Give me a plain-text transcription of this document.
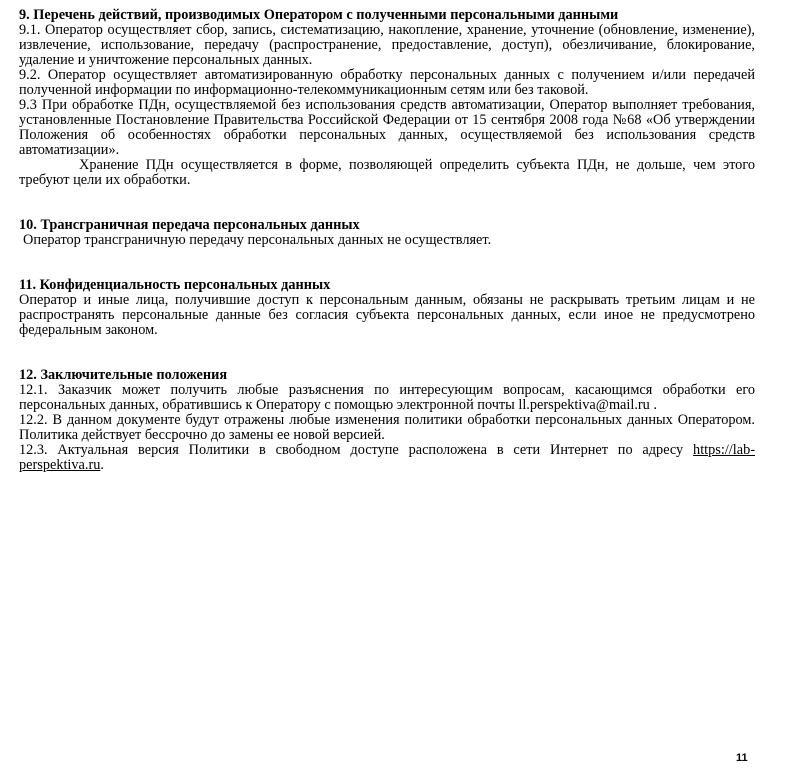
9. Перечень действий, производимых Оператором с полученными персональными данными

9.1. Оператор осуществляет сбор, запись, систематизацию, накопление, хранение, уточнение (обновление, изменение), извлечение, использование, передачу (распространение, предоставление, доступ), обезличивание, блокирование, удаление и уничтожение персональных данных.

9.2. Оператор осуществляет автоматизированную обработку персональных данных с получением и/или передачей полученной информации по информационно-телекоммуникационным сетям или без таковой.

9.3 При обработке ПДн, осуществляемой без использования средств автоматизации, Оператор выполняет требования, установленные Постановление Правительства Российской Федерации от 15 сентября 2008 года №68 «Об утверждении Положения об особенностях обработки персональных данных, осуществляемой без использования средств автоматизации».

Хранение ПДн осуществляется в форме, позволяющей определить субъекта ПДн, не дольше, чем этого требуют цели их обработки.

10. Трансграничная передача персональных данных

Оператор трансграничную передачу персональных данных не осуществляет.

11. Конфиденциальность персональных данных

Оператор и иные лица, получившие доступ к персональным данным, обязаны не раскрывать третьим лицам и не распространять персональные данные без согласия субъекта персональных данных, если иное не предусмотрено федеральным законом.

12. Заключительные положения

12.1. Заказчик может получить любые разъяснения по интересующим вопросам, касающимся обработки его персональных данных, обратившись к Оператору с помощью электронной почты ll.perspektiva@mail.ru .

12.2. В данном документе будут отражены любые изменения политики обработки персональных данных Оператором. Политика действует бессрочно до замены ее новой версией.

12.3. Актуальная версия Политики в свободном доступе расположена в сети Интернет по адресу https://lab-perspektiva.ru.

11
